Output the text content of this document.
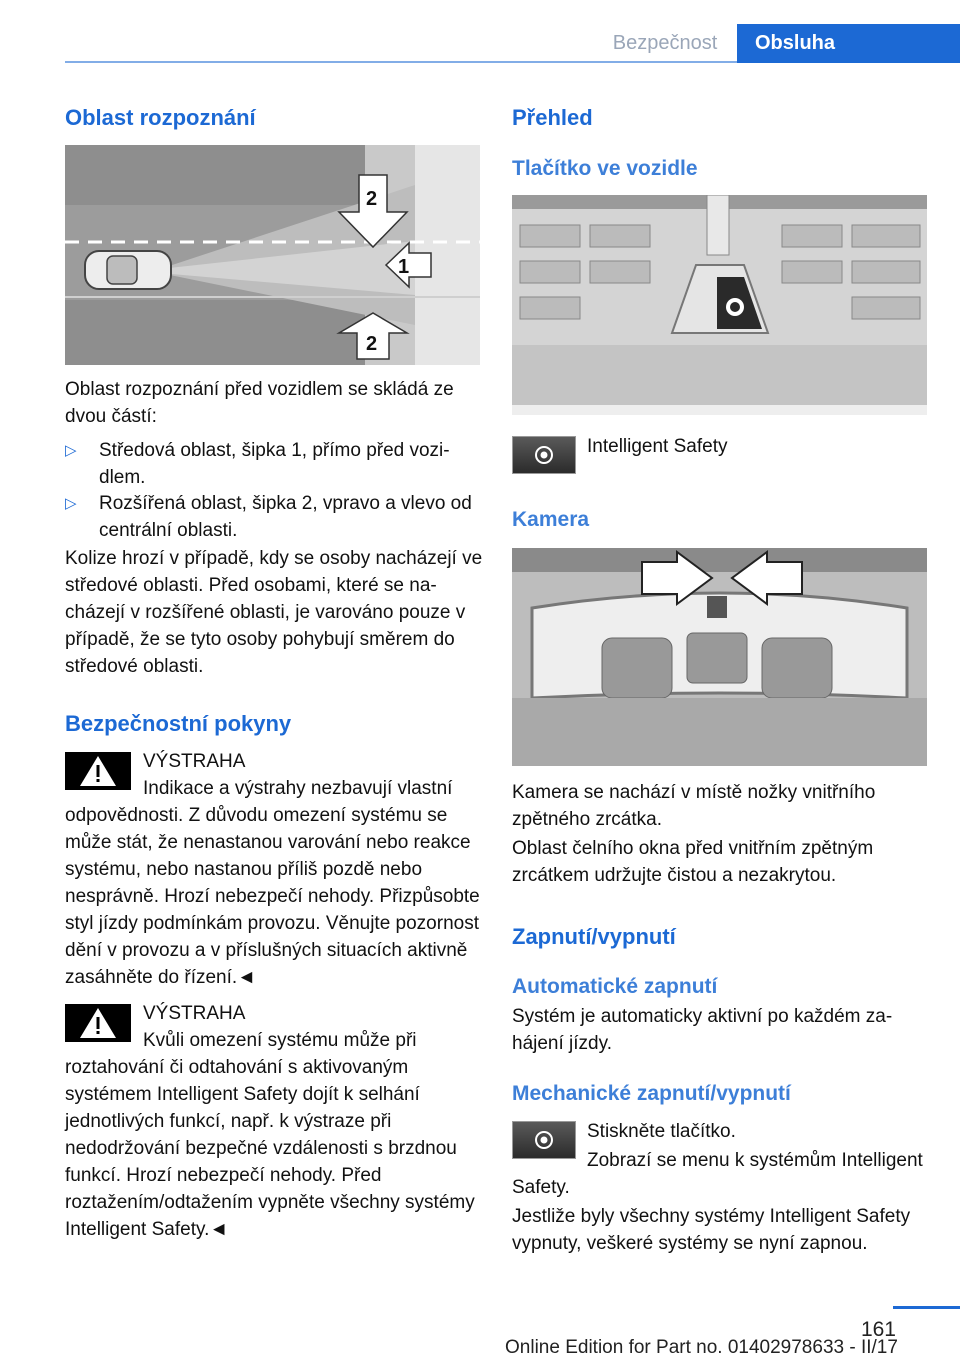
Bezpečnost	Obsluha
Oblast rozpoznání
2
1
2
Oblast rozpoznání před vozidlem se skládá ze dvou částí:
▷ Středová oblast, šipka 1, přímo před vozidlem.
▷ Rozšířená oblast, šipka 2, vpravo a vlevo od centrální oblasti.
Kolize hrozí v případě, kdy se osoby nacházejí ve středové oblasti. Před osobami, které se nacházejí v rozšířené oblasti, je varováno pouze v případě, že se tyto osoby pohybují směrem do středové oblasti.
Bezpečnostní pokyny
VÝSTRAHA
Indikace a výstrahy nezbavují vlastní odpovědnosti. Z důvodu omezení systému se může stát, že nenastanou varování nebo reakce systému, nebo nastanou příliš pozdě nebo nesprávně. Hrozí nebezpečí nehody. Přizpůsobte styl jízdy podmínkám provozu. Věnujte pozornost dění v provozu a v příslušných situacích aktivně zasáhněte do řízení.◄
VÝSTRAHA
Kvůli omezení systému může při roztahování či odtahování s aktivovaným systémem Intelligent Safety dojít k selhání jednotlivých funkcí, např. k výstraze při nedodržování bezpečné vzdálenosti s brzdnou funkcí. Hrozí nebezpečí nehody. Před roztažením/odtažením vypněte všechny systémy Intelligent Safety.◄
Přehled
Tlačítko ve vozidle
Intelligent Safety
Kamera
Kamera se nachází v místě nožky vnitřního zpětného zrcátka.
Oblast čelního okna před vnitřním zpětným zrcátkem udržujte čistou a nezakrytou.
Zapnutí/vypnutí
Automatické zapnutí
Systém je automaticky aktivní po každém zahájení jízdy.
Mechanické zapnutí/vypnutí
Stiskněte tlačítko.
Zobrazí se menu k systémům Intelligent Safety.
Jestliže byly všechny systémy Intelligent Safety vypnuty, veškeré systémy se nyní zapnou.
161
Online Edition for Part no. 01402978633 - II/17
